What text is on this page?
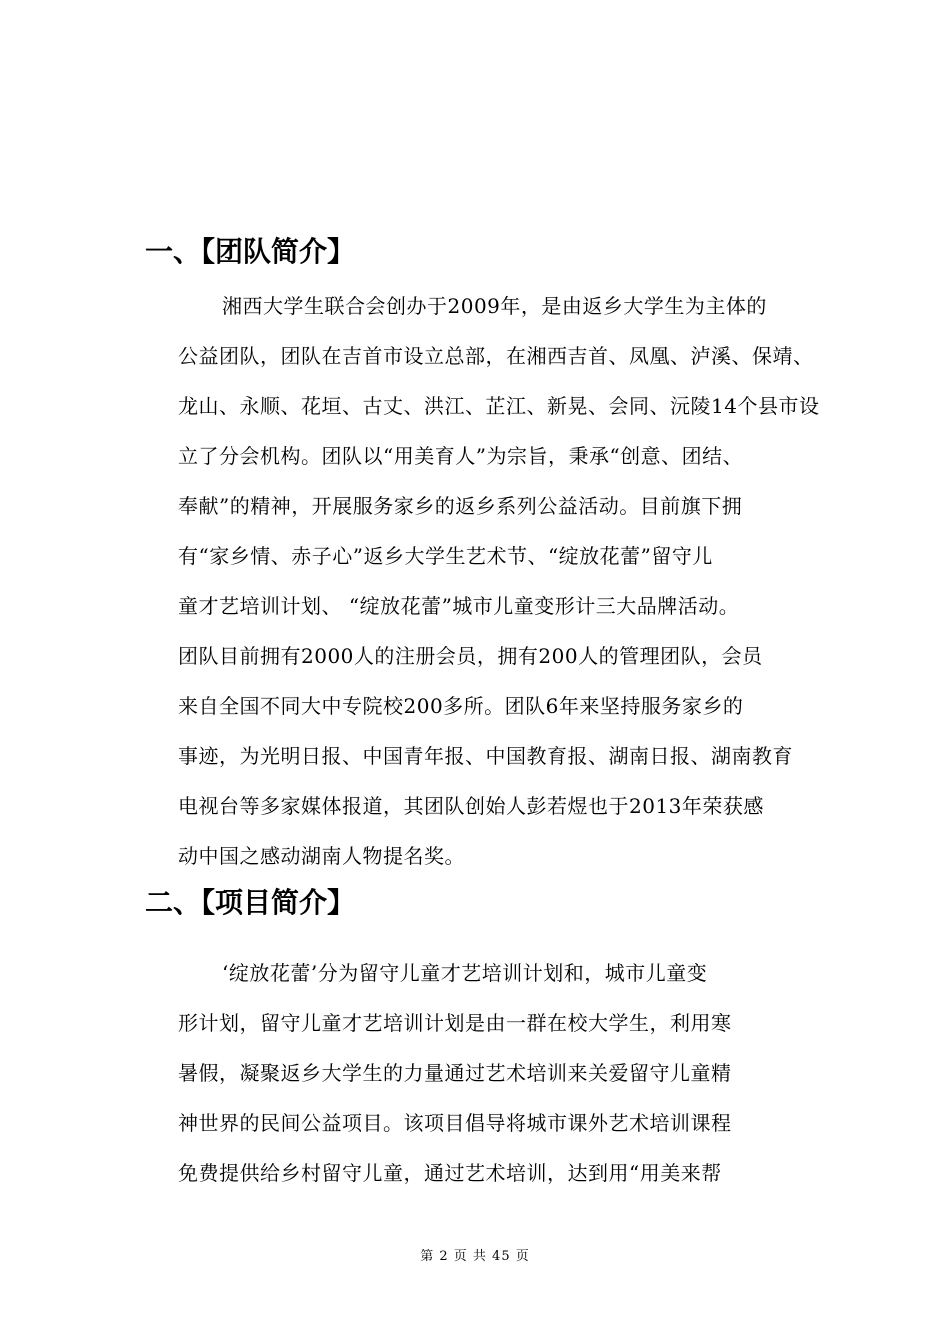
一、【团队简介】
湘西大学生联合会创办于2009年，是由返乡大学生为主体的
公益团队，团队在吉首市设立总部，在湘西吉首、凤凰、泸溪、保靖、
龙山、永顺、花垣、古丈、洪江、芷江、新晃、会同、沅陵14个县市设
立了分会机构。团队以“用美育人”为宗旨，秉承“创意、团结、
奉献”的精神，开展服务家乡的返乡系列公益活动。目前旗下拥
有“家乡情、赤子心”返乡大学生艺术节、“绽放花蕾”留守儿
童才艺培训计划、 “绽放花蕾”城市儿童变形计三大品牌活动。
团队目前拥有2000人的注册会员，拥有200人的管理团队，会员
来自全国不同大中专院校200多所。团队6年来坚持服务家乡的
事迹，为光明日报、中国青年报、中国教育报、湖南日报、湖南教育
电视台等多家媒体报道，其团队创始人彭若煜也于2013年荣获感
动中国之感动湖南人物提名奖。
二、【项目简介】
‘绽放花蕾’分为留守儿童才艺培训计划和，城市儿童变
形计划，留守儿童才艺培训计划是由一群在校大学生，利用寒
暑假，凝聚返乡大学生的力量通过艺术培训来关爱留守儿童精
神世界的民间公益项目。该项目倡导将城市课外艺术培训课程
免费提供给乡村留守儿童，通过艺术培训，达到用“用美来帮
第 2 页 共 45 页
